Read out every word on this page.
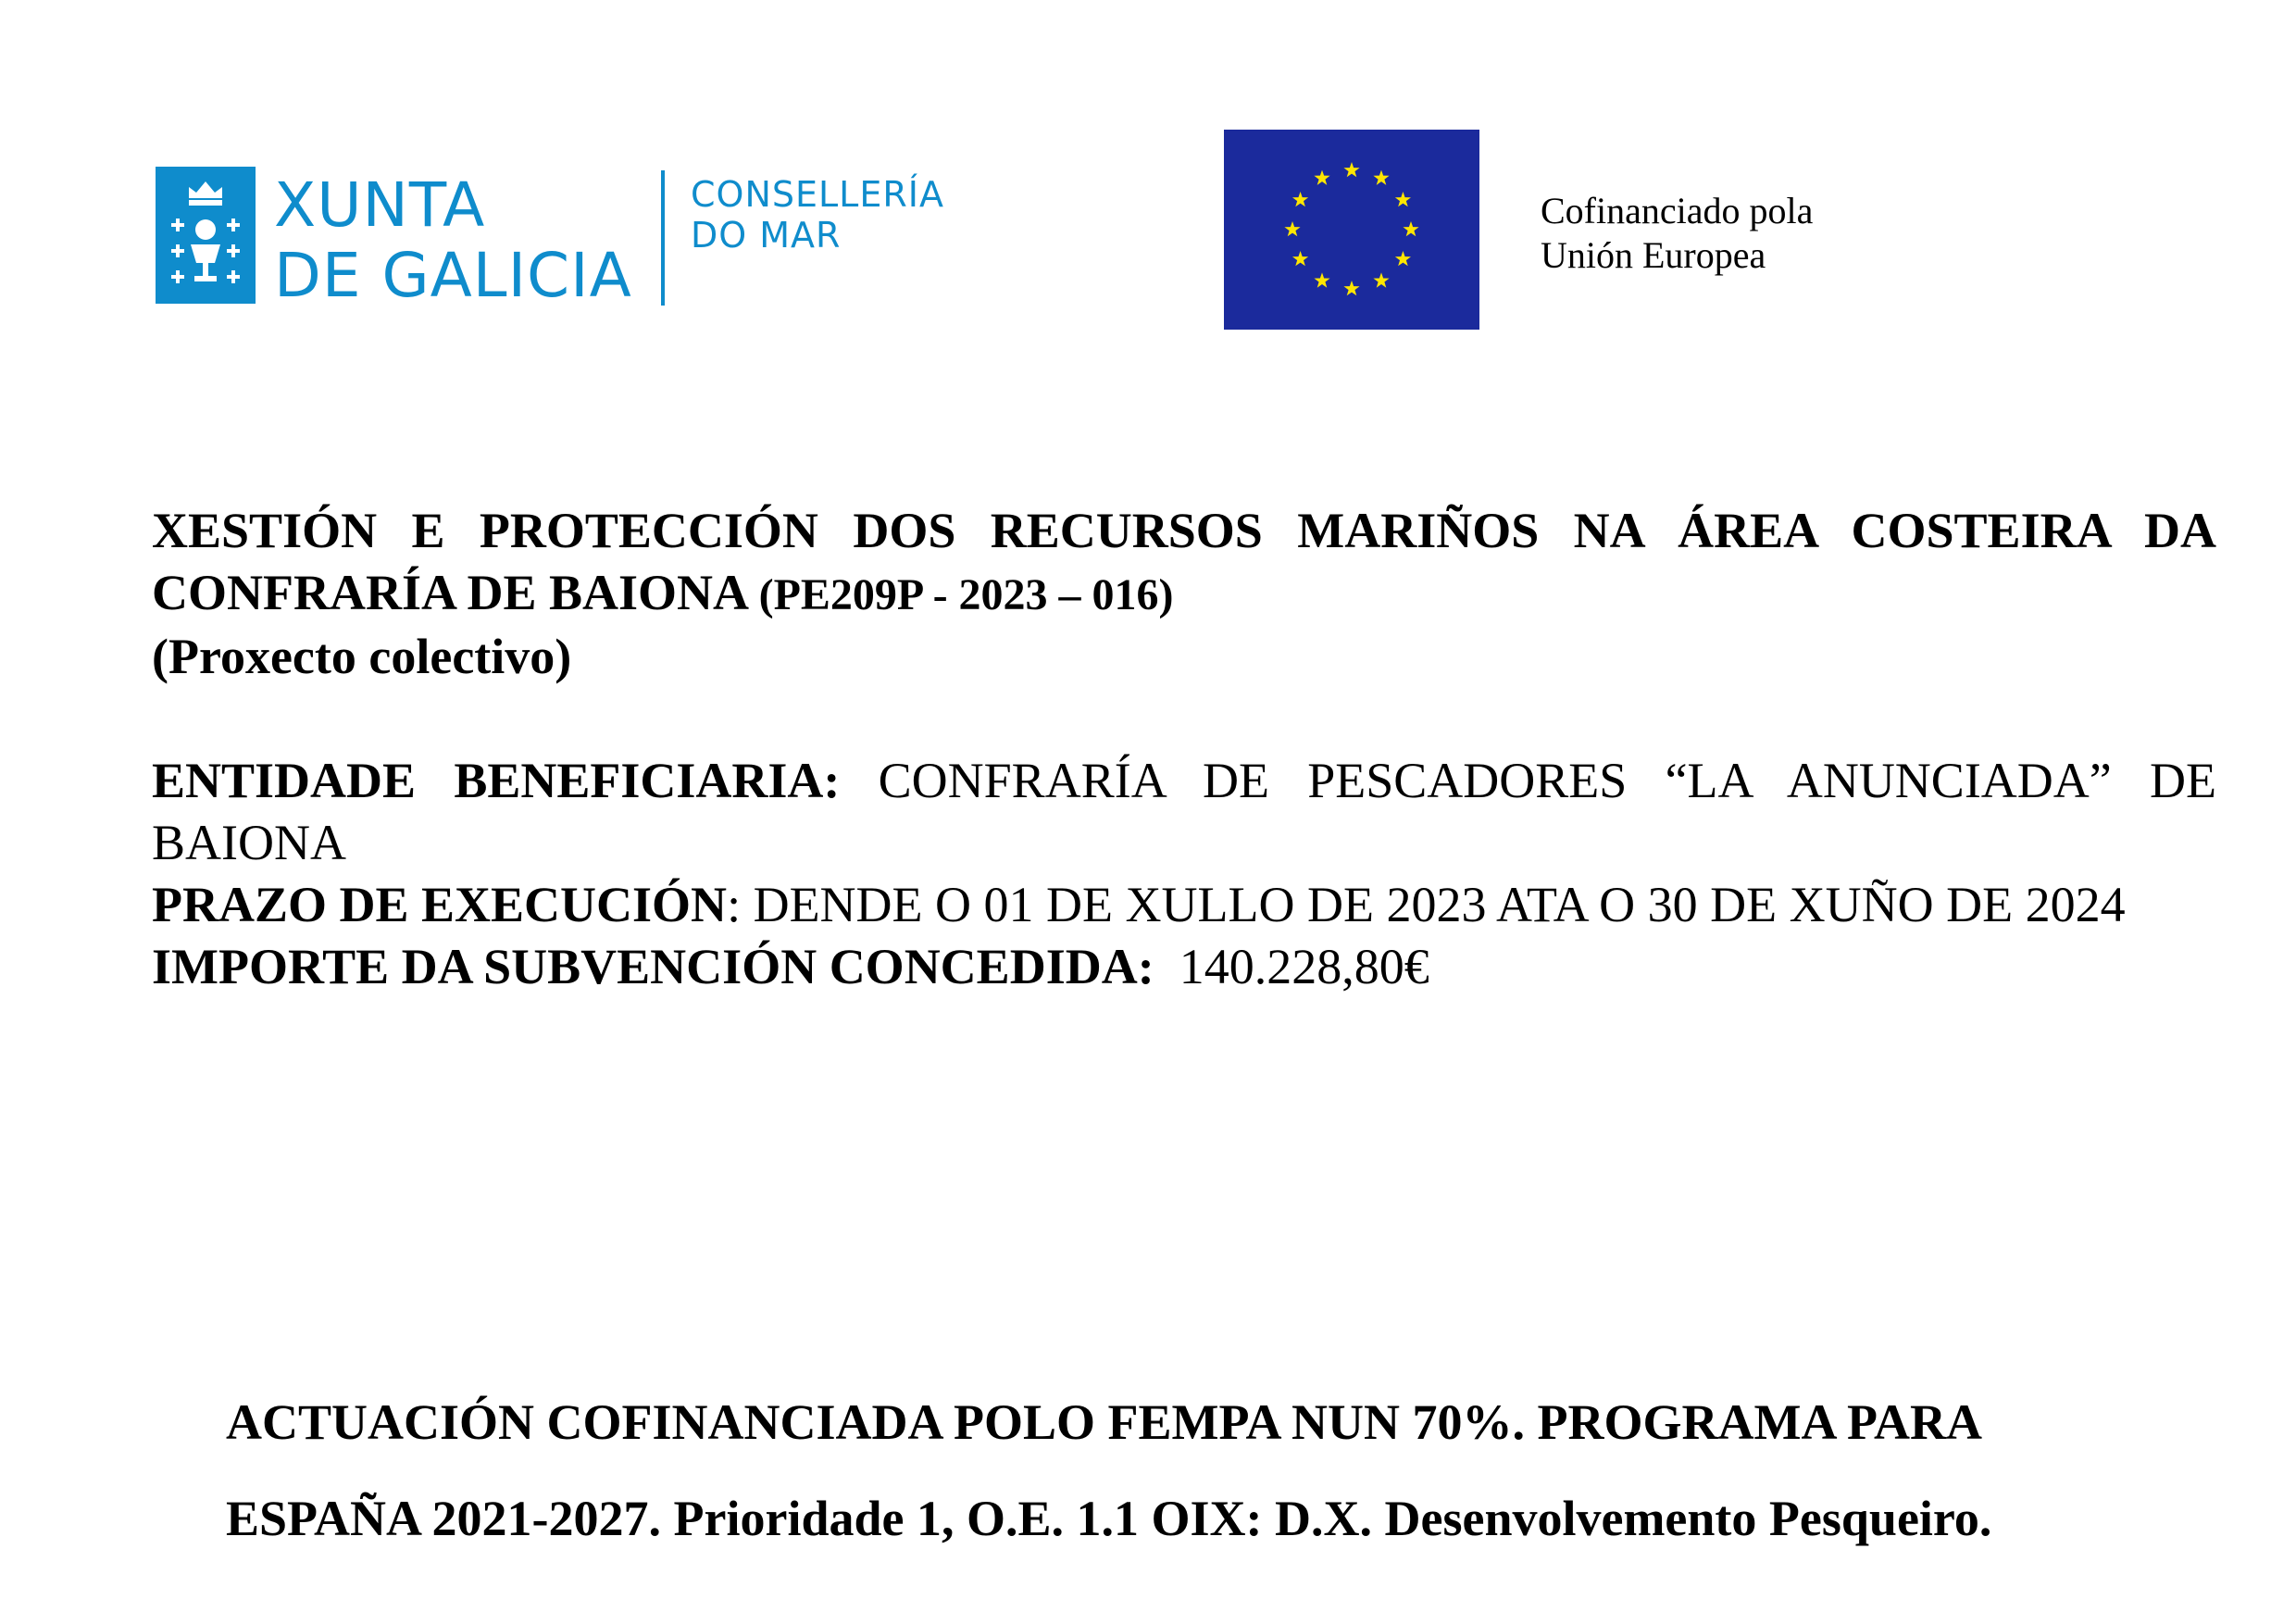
XUNTA
DE GALICIA
CONSELLERÍA
DO MAR
Cofinanciado pola
Unión Europea
XESTIÓN E PROTECCIÓN DOS RECURSOS MARIÑOS NA ÁREA COSTEIRA DA CONFRARÍA DE BAIONA (PE209P - 2023 – 016)
(Proxecto colectivo)

ENTIDADE BENEFICIARIA: CONFRARÍA DE PESCADORES “LA ANUNCIADA” DE BAIONA

PRAZO DE EXECUCIÓN: DENDE O 01 DE XULLO DE 2023 ATA O 30 DE XUÑO DE 2024

IMPORTE DA SUBVENCIÓN CONCEDIDA: 140.228,80€

ACTUACIÓN COFINANCIADA POLO FEMPA NUN 70%. PROGRAMA PARA
ESPAÑA 2021-2027. Prioridade 1, O.E. 1.1 OIX: D.X. Desenvolvemento Pesqueiro.
